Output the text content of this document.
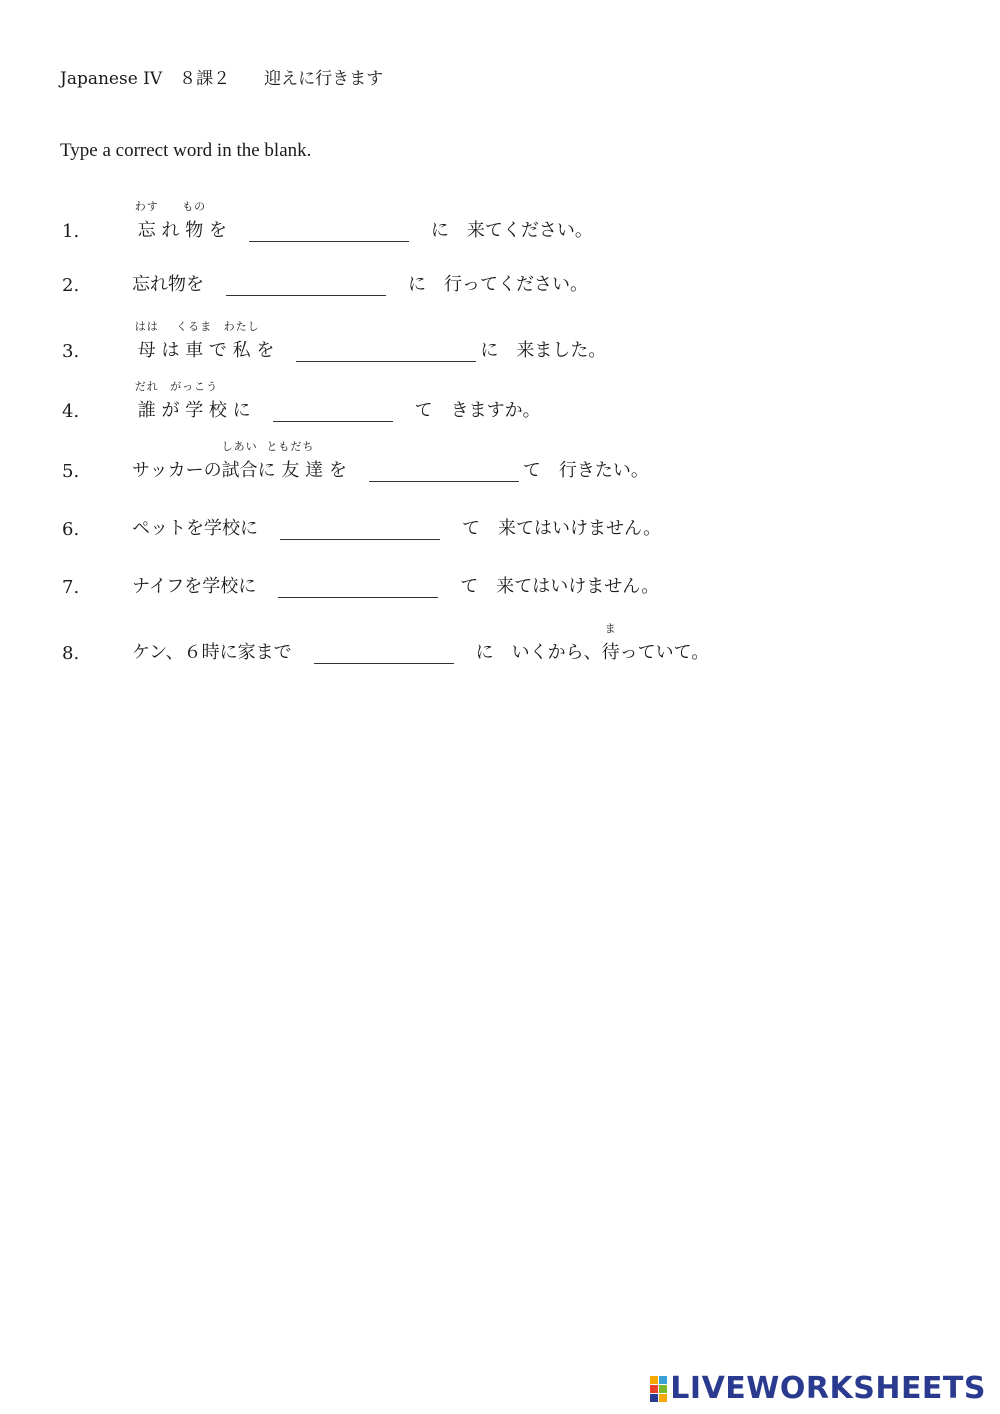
Japanese IV　８課２　　迎えに行きます
Type a correct word in the blank.
1.

わす
忘 れ
もの
物 を　	　に　来てください。
2.	忘れ物を　	　に　行ってください。
3.

はは
母 は
くるま
車 で
わたし
私 を　	に　来ました。
4.

だれ
誰 が
がっこう
学 校 に　	　て　きますか。
5.	サッカーの
しあい
試合 に
ともだち
友 達 を　	て　行きたい。
6.	ペットを学校に　	　て　来てはいけません。
7.	ナイフを学校に　	　て　来てはいけません。
8.	ケン、６時に家まで　	　に　いくから、
ま
待 っていて。
LIVEWORKSHEETS
